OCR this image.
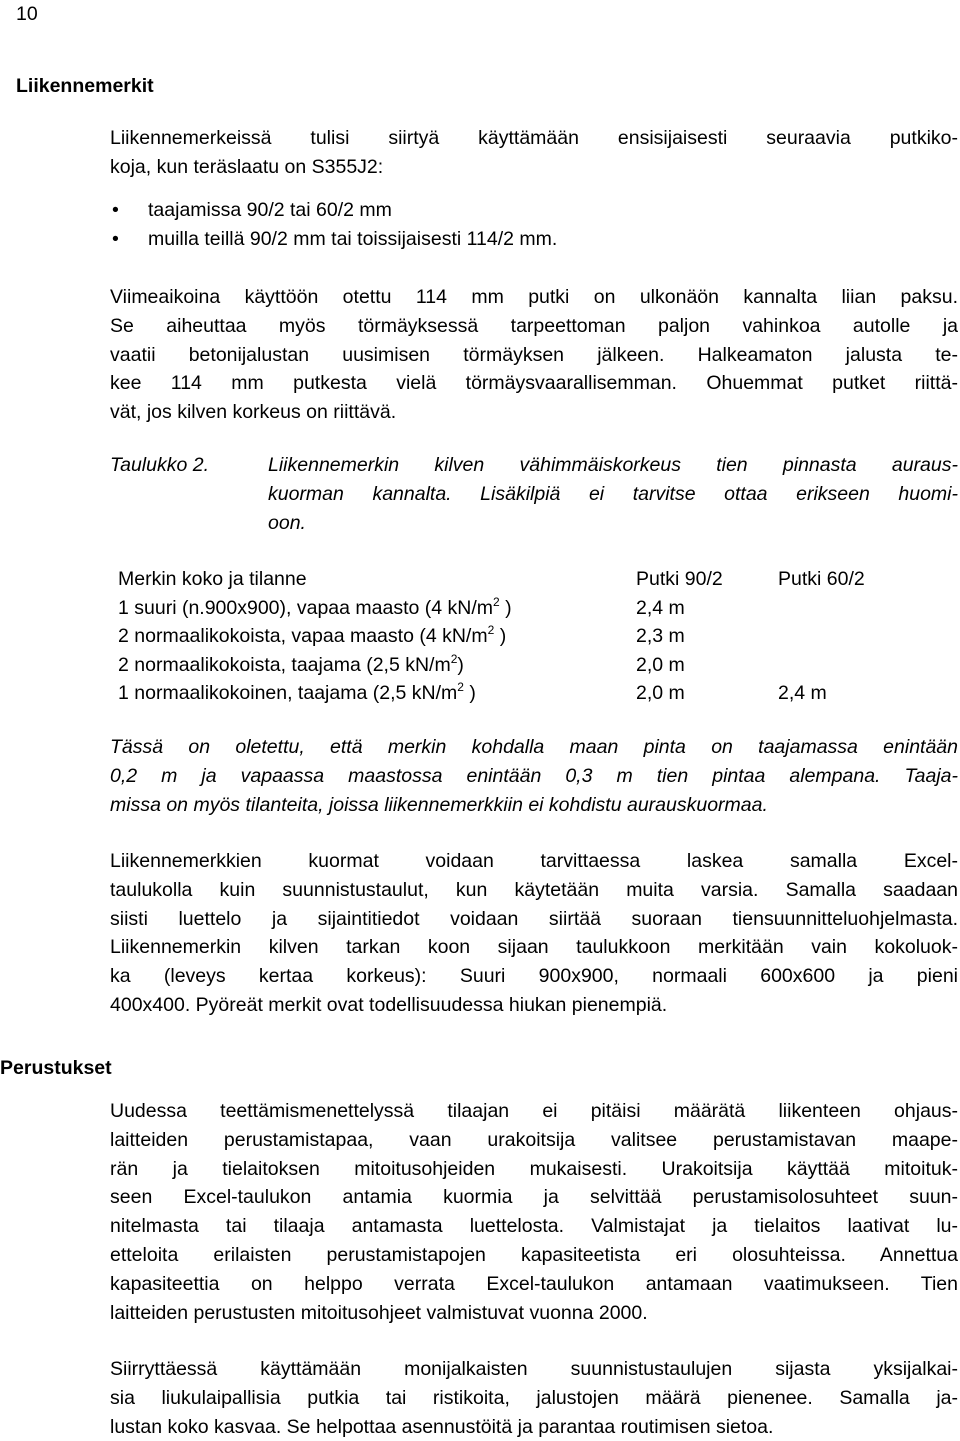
10
Liikennemerkit

Liikennemerkeissä tulisi siirtyä käyttämään ensisijaisesti seuraavia putkiko-

koja, kun teräslaatu on S355J2:

• taajamissa 90/2 tai 60/2 mm
• muilla teillä 90/2 mm tai toissijaisesti 114/2 mm.

Viimeaikoina käyttöön otettu 114 mm putki on ulkonäön kannalta liian paksu.

Se aiheuttaa myös törmäyksessä tarpeettoman paljon vahinkoa autolle ja

vaatii betonijalustan uusimisen törmäyksen jälkeen. Halkeamaton jalusta te-

kee 114 mm putkesta vielä törmäysvaarallisemman. Ohuemmat putket riittä-

vät, jos kilven korkeus on riittävä.

Taulukko 2.	Liikennemerkin kilven vähimmäiskorkeus tien pinnasta auraus-

kuorman kannalta. Lisäkilpiä ei tarvitse ottaa erikseen huomi-

oon.

Merkin koko ja tilanne	Putki 90/2	Putki 60/2
1 suuri (n.900x900), vapaa maasto (4 $kN/m^2$ )	2,4 m
2 normaalikokoista, vapaa maasto (4 $kN/m^2$ )	2,3 m
2 normaalikokoista, taajama (2,5 $kN/m^2$)	2,0 m
1 normaalikokoinen, taajama (2,5 $kN/m^2$ )	2,0 m	2,4 m

Tässä on oletettu, että merkin kohdalla maan pinta on taajamassa enintään

0,2 m ja vapaassa maastossa enintään 0,3 m tien pintaa alempana. Taaja-

missa on myös tilanteita, joissa liikennemerkkiin ei kohdistu aurauskuormaa.

Liikennemerkkien kuormat voidaan tarvittaessa laskea samalla Excel-

taulukolla kuin suunnistustaulut, kun käytetään muita varsia. Samalla saadaan

siisti luettelo ja sijaintitiedot voidaan siirtää suoraan tiensuunnitteluohjelmasta.

Liikennemerkin kilven tarkan koon sijaan taulukkoon merkitään vain kokoluok-

ka (leveys kertaa korkeus): Suuri 900x900, normaali 600x600 ja pieni

400x400. Pyöreät merkit ovat todellisuudessa hiukan pienempiä.

Perustukset

Uudessa teettämismenettelyssä tilaajan ei pitäisi määrätä liikenteen ohjaus-

laitteiden perustamistapaa, vaan urakoitsija valitsee perustamistavan maape-

rän ja tielaitoksen mitoitusohjeiden mukaisesti. Urakoitsija käyttää mitoituk-

seen Excel-taulukon antamia kuormia ja selvittää perustamisolosuhteet suun-

nitelmasta tai tilaaja antamasta luettelosta. Valmistajat ja tielaitos laativat lu-

etteloita erilaisten perustamistapojen kapasiteetista eri olosuhteissa. Annettua

kapasiteettia on helppo verrata Excel-taulukon antamaan vaatimukseen. Tien

laitteiden perustusten mitoitusohjeet valmistuvat vuonna 2000.

Siirryttäessä käyttämään monijalkaisten suunnistustaulujen sijasta yksijalkai-

sia liukulaipallisia putkia tai ristikoita, jalustojen määrä pienenee. Samalla ja-

lustan koko kasvaa. Se helpottaa asennustöitä ja parantaa routimisen sietoa.
